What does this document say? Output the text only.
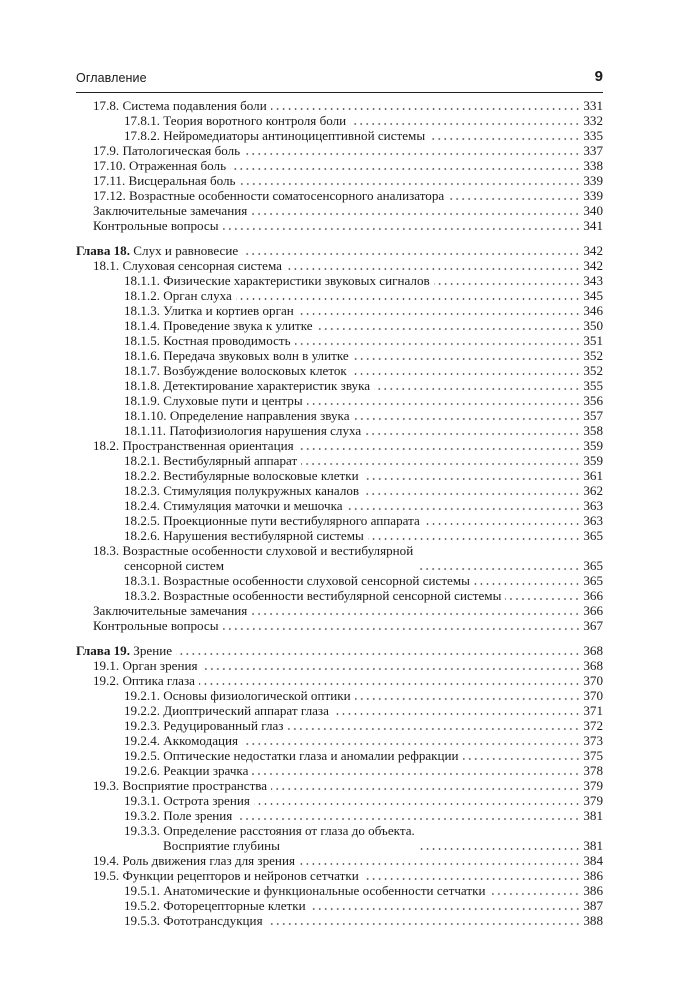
Оглавление	9
17.8. Система подавления боли	331
17.8.1. Теория воротного контроля боли	332
17.8.2. Нейромедиаторы антиноцицептивной системы	335
17.9. Патологическая боль	337
17.10. Отраженная боль	338
17.11. Висцеральная боль	339
17.12. Возрастные особенности соматосенсорного анализатора	339
Заключительные замечания	340
Контрольные вопросы	341
Глава 18. Слух и равновесие	342
18.1. Слуховая сенсорная система	342
18.1.1. Физические характеристики звуковых сигналов	343
18.1.2. Орган слуха	345
18.1.3. Улитка и кортиев орган	346
18.1.4. Проведение звука к улитке	350
18.1.5. Костная проводимость	351
18.1.6. Передача звуковых волн в улитке	352
18.1.7. Возбуждение волосковых клеток	352
18.1.8. Детектирование характеристик звука	355
18.1.9. Слуховые пути и центры	356
18.1.10. Определение направления звука	357
18.1.11. Патофизиология нарушения слуха	358
18.2. Пространственная ориентация	359
18.2.1. Вестибулярный аппарат	359
18.2.2. Вестибулярные волосковые клетки	361
18.2.3. Стимуляция полукружных каналов	362
18.2.4. Стимуляция маточки и мешочка	363
18.2.5. Проекционные пути вестибулярного аппарата	363
18.2.6. Нарушения вестибулярной системы	365
18.3. Возрастные особенности слуховой и вестибулярной
сенсорной систем	365
18.3.1. Возрастные особенности слуховой сенсорной системы	365
18.3.2. Возрастные особенности вестибулярной сенсорной системы	366
Заключительные замечания	366
Контрольные вопросы	367
Глава 19. Зрение	368
19.1. Орган зрения	368
19.2. Оптика глаза	370
19.2.1. Основы физиологической оптики	370
19.2.2. Диоптрический аппарат глаза	371
19.2.3. Редуцированный глаз	372
19.2.4. Аккомодация	373
19.2.5. Оптические недостатки глаза и аномалии рефракции	375
19.2.6. Реакции зрачка	378
19.3. Восприятие пространства	379
19.3.1. Острота зрения	379
19.3.2. Поле зрения	381
19.3.3. Определение расстояния от глаза до объекта.
Восприятие глубины	381
19.4. Роль движения глаз для зрения	384
19.5. Функции рецепторов и нейронов сетчатки	386
19.5.1. Анатомические и функциональные особенности сетчатки	386
19.5.2. Фоторецепторные клетки	387
19.5.3. Фототрансдукция	388
